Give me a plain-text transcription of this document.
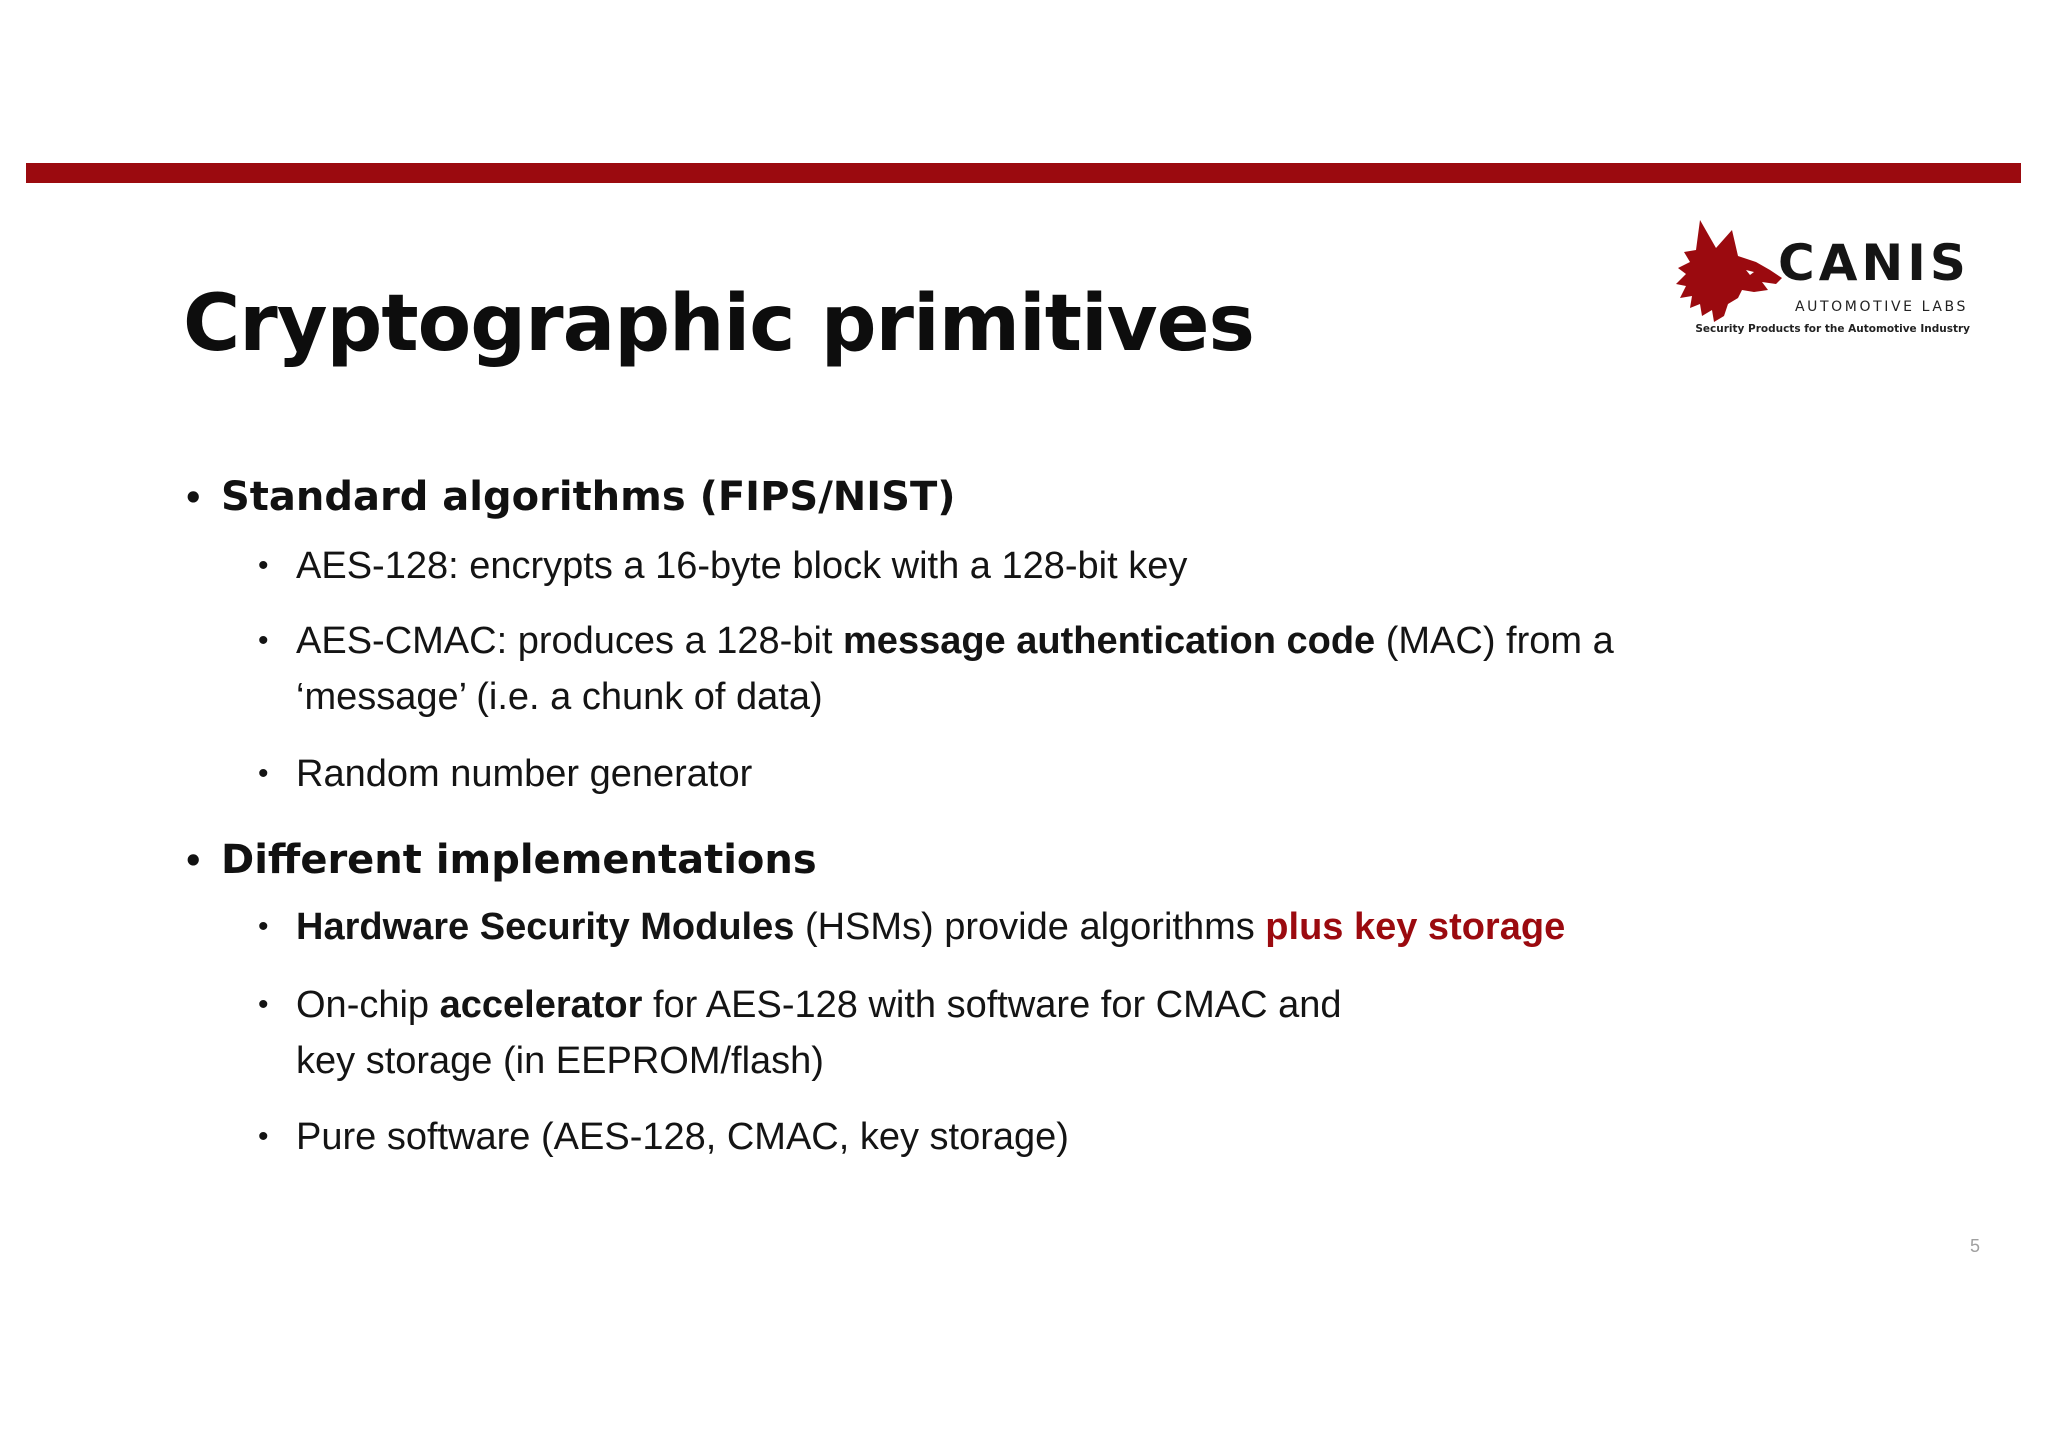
Cryptographic primitives
CANIS
AUTOMOTIVE LABS
Security Products for the Automotive Industry
• Standard algorithms (FIPS/NIST)
• AES-128: encrypts a 16-byte block with a 128-bit key
• AES-CMAC: produces a 128-bit message authentication code (MAC) from a
‘message’ (i.e. a chunk of data)
• Random number generator
• Different implementations
• Hardware Security Modules (HSMs) provide algorithms plus key storage
• On-chip accelerator for AES-128 with software for CMAC and
key storage (in EEPROM/flash)
• Pure software (AES-128, CMAC, key storage)
5
